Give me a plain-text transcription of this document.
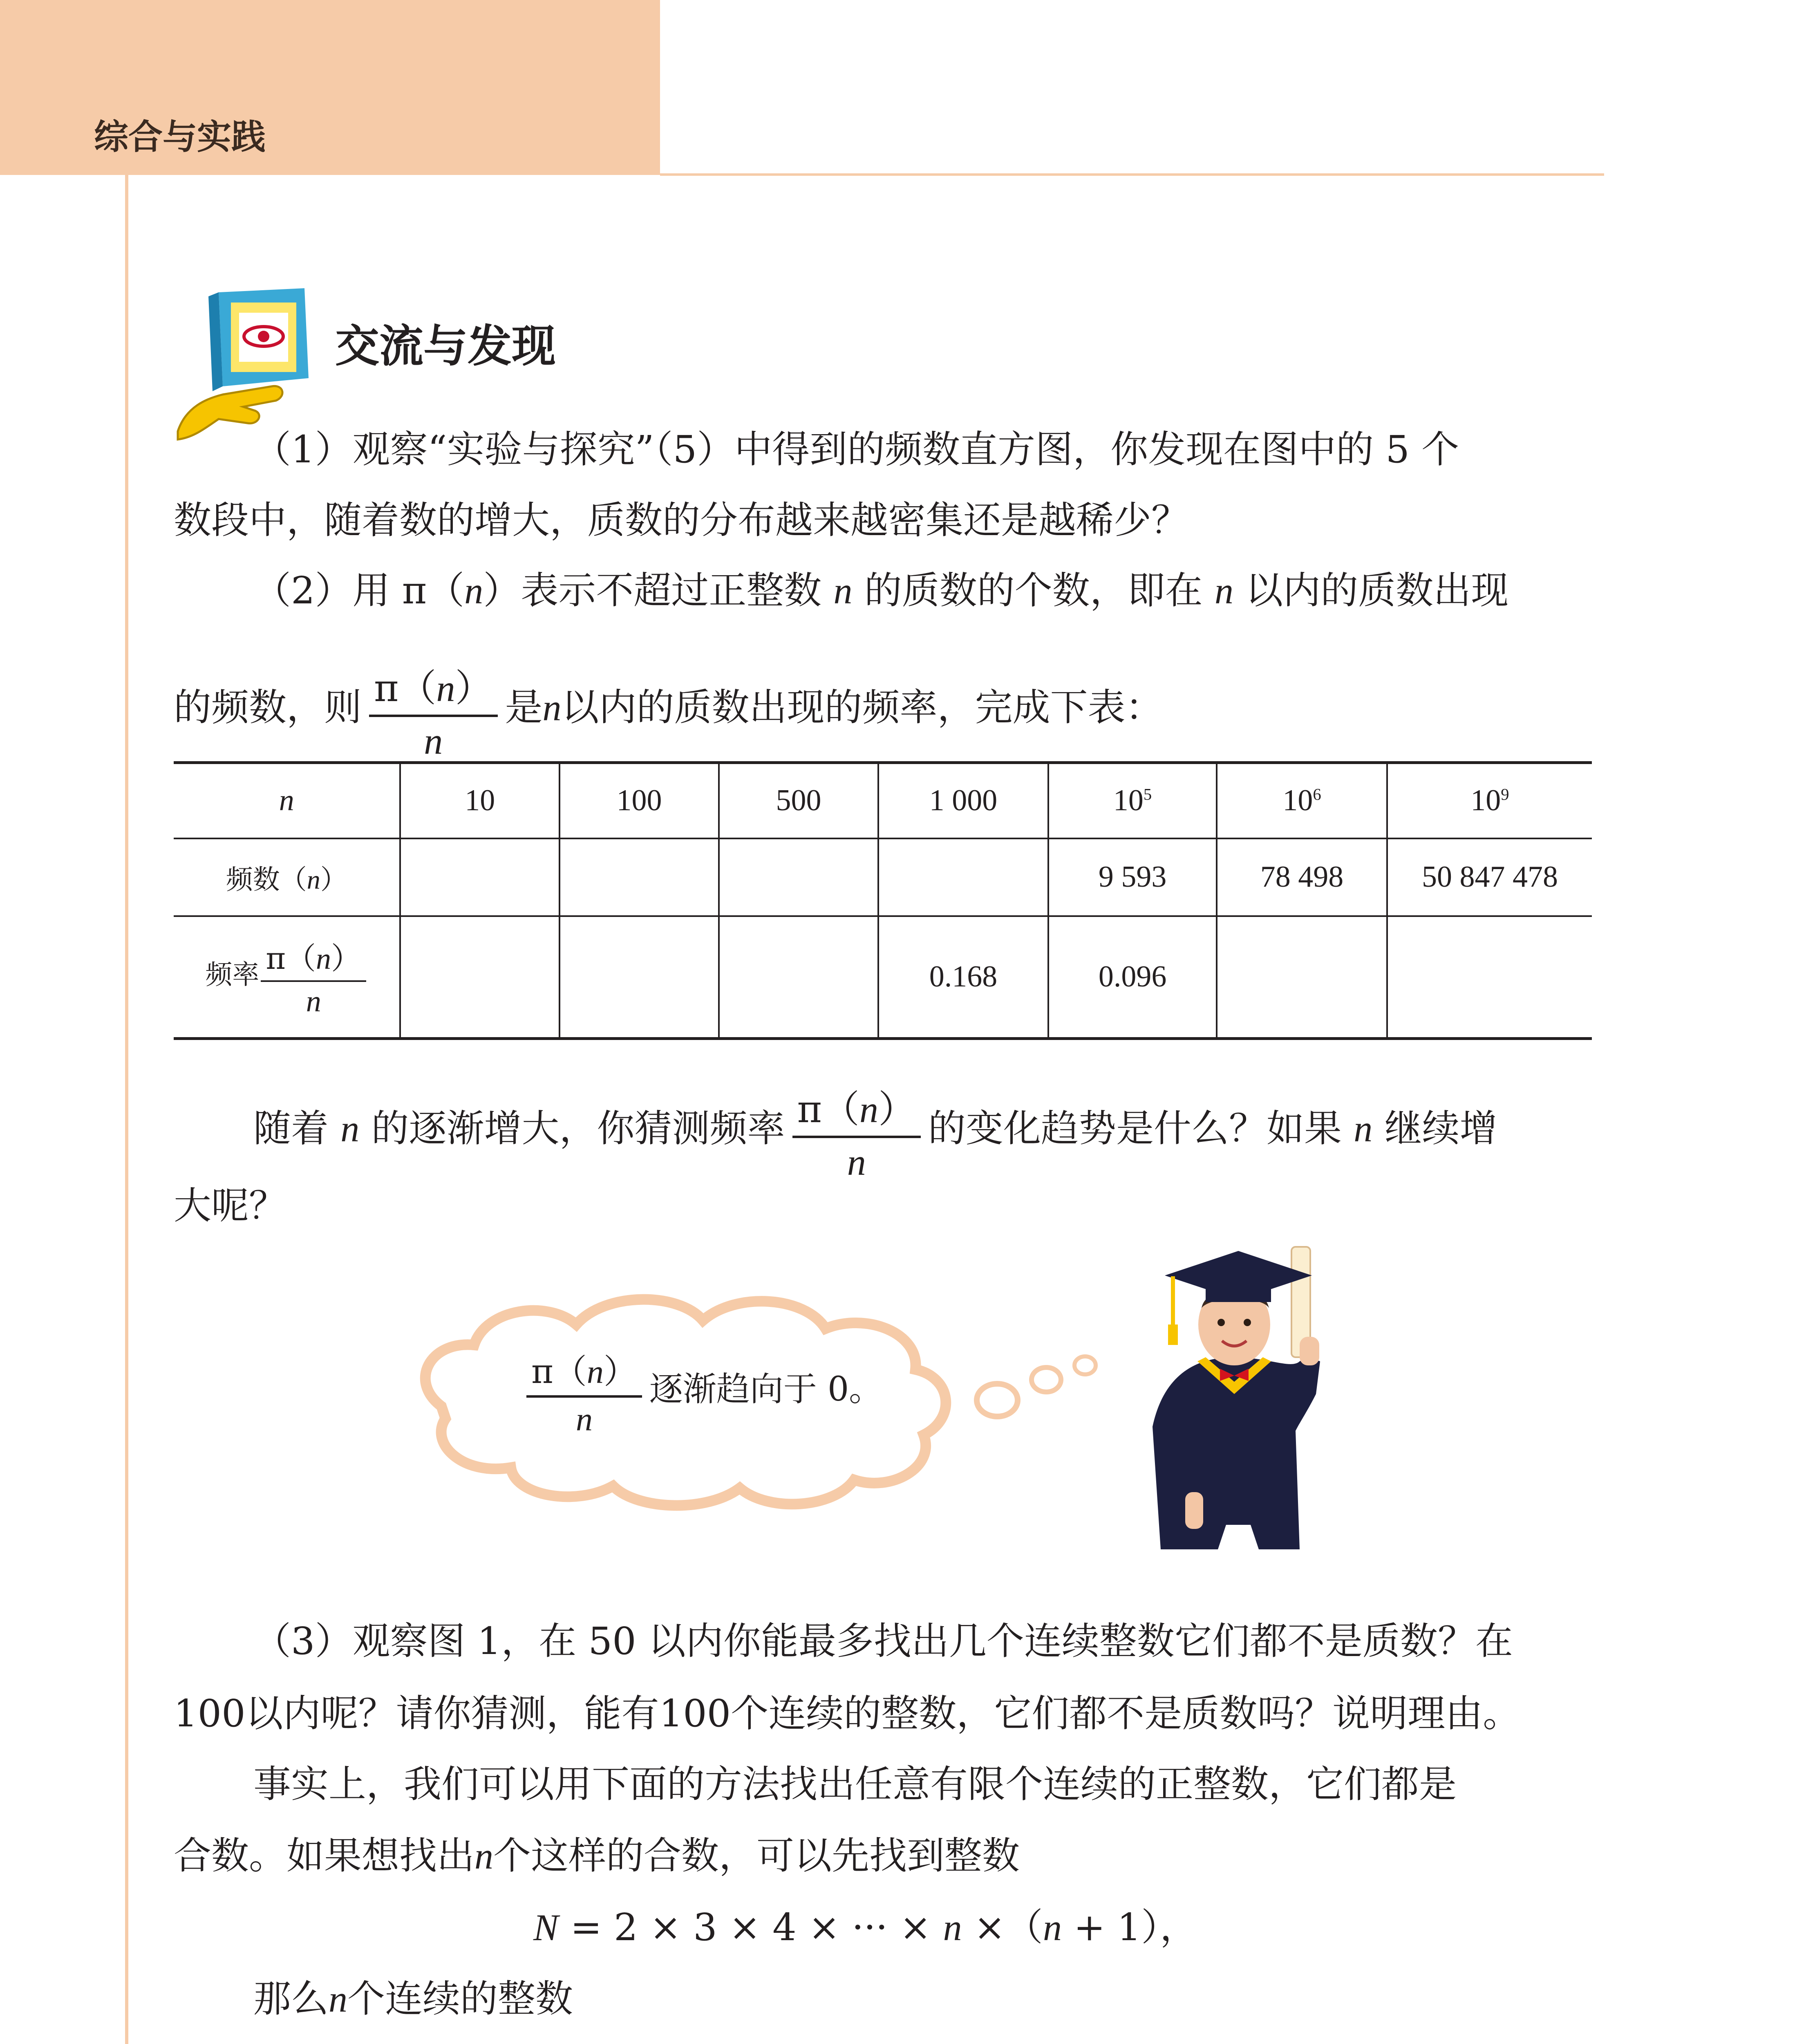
综合与实践
交流与发现
（1）观察“实验与探究”（5）中得到的频数直方图，你发现在图中的 5 个
数段中，随着数的增大，质数的分布越来越密集还是越稀少？
（2）用 π（n）表示不超过正整数 n 的质数的个数，即在 n 以内的质数出现
的频数，则 $\frac{\pi(n)}{n}$ 是n以内的质数出现的频率，完成下表：
n	10	100	500	1 000	$10^5$	$10^6$	$10^9$
频数（n）					9 593	78 498	50 847 478
频率 $\frac{\pi(n)}{n}$				0.168	0.096		
随着 n 的逐渐增大，你猜测频率 $\frac{\pi(n)}{n}$ 的变化趋势是什么？如果 n 继续增
大呢？
$\frac{\pi(n)}{n}$ 逐渐趋向于 0。
（3）观察图 1，在 50 以内你能最多找出几个连续整数它们都不是质数？在
100以内呢？请你猜测，能有100个连续的整数，它们都不是质数吗？说明理由。
事实上，我们可以用下面的方法找出任意有限个连续的正整数，它们都是
合数。如果想找出n个这样的合数，可以先找到整数
N = 2 × 3 × 4 × ··· × n ×（n + 1），
那么n个连续的整数
